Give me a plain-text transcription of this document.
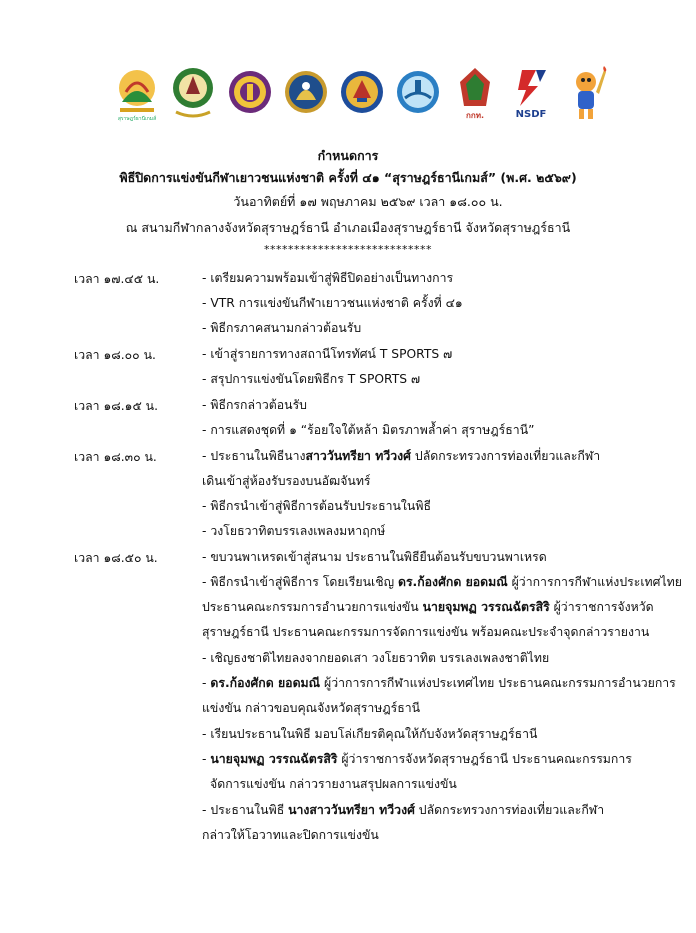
สุราษฎร์ธานีเกมส์	กกท.	NSDF
กำหนดการ
พิธีปิดการแข่งขันกีฬาเยาวชนแห่งชาติ ครั้งที่ ๔๑ “สุราษฎร์ธานีเกมส์” (พ.ศ. ๒๕๖๙)
วันอาทิตย์ที่ ๑๗ พฤษภาคม ๒๕๖๙ เวลา ๑๘.๐๐ น.
ณ สนามกีฬากลางจังหวัดสุราษฎร์ธานี อำเภอเมืองสุราษฎร์ธานี จังหวัดสุราษฎร์ธานี
****************************
เวลา ๑๗.๔๕ น.	- เตรียมความพร้อมเข้าสู่พิธีปิดอย่างเป็นทางการ
- VTR การแข่งขันกีฬาเยาวชนแห่งชาติ ครั้งที่ ๔๑
- พิธีกรภาคสนามกล่าวต้อนรับ
เวลา ๑๘.๐๐ น.	- เข้าสู่รายการทางสถานีโทรทัศน์ T SPORTS ๗
- สรุปการแข่งขันโดยพิธีกร T SPORTS ๗
เวลา ๑๘.๑๕ น.	- พิธีกรกล่าวต้อนรับ
- การแสดงชุดที่ ๑ “ร้อยใจใต้หล้า มิตรภาพล้ำค่า สุราษฎร์ธานี”
เวลา ๑๘.๓๐ น.	- ประธานในพิธีนางสาววันทรียา ทวีวงศ์ ปลัดกระทรวงการท่องเที่ยวและกีฬา
เดินเข้าสู่ห้องรับรองบนอัฒจันทร์
- พิธีกรนำเข้าสู่พิธีการต้อนรับประธานในพิธี
- วงโยธวาทิตบรรเลงเพลงมหาฤกษ์
เวลา ๑๘.๕๐ น.	- ขบวนพาเหรดเข้าสู่สนาม ประธานในพิธียืนต้อนรับขบวนพาเหรด
- พิธีกรนำเข้าสู่พิธีการ โดยเรียนเชิญ ดร.ก้องศักด ยอดมณี ผู้ว่าการการกีฬาแห่งประเทศไทย
ประธานคณะกรรมการอำนวยการแข่งขัน นายจุมพฏ วรรณฉัตรสิริ ผู้ว่าราชการจังหวัด
สุราษฎร์ธานี ประธานคณะกรรมการจัดการแข่งขัน พร้อมคณะประจำจุดกล่าวรายงาน
- เชิญธงชาติไทยลงจากยอดเสา วงโยธวาทิต บรรเลงเพลงชาติไทย
- ดร.ก้องศักด ยอดมณี ผู้ว่าการการกีฬาแห่งประเทศไทย ประธานคณะกรรมการอำนวยการ
แข่งขัน กล่าวขอบคุณจังหวัดสุราษฎร์ธานี
- เรียนประธานในพิธี มอบโล่เกียรติคุณให้กับจังหวัดสุราษฎร์ธานี
- นายจุมพฏ วรรณฉัตรสิริ ผู้ว่าราชการจังหวัดสุราษฎร์ธานี ประธานคณะกรรมการ
จัดการแข่งขัน กล่าวรายงานสรุปผลการแข่งขัน
- ประธานในพิธี นางสาววันทรียา ทวีวงศ์ ปลัดกระทรวงการท่องเที่ยวและกีฬา
กล่าวให้โอวาทและปิดการแข่งขัน
